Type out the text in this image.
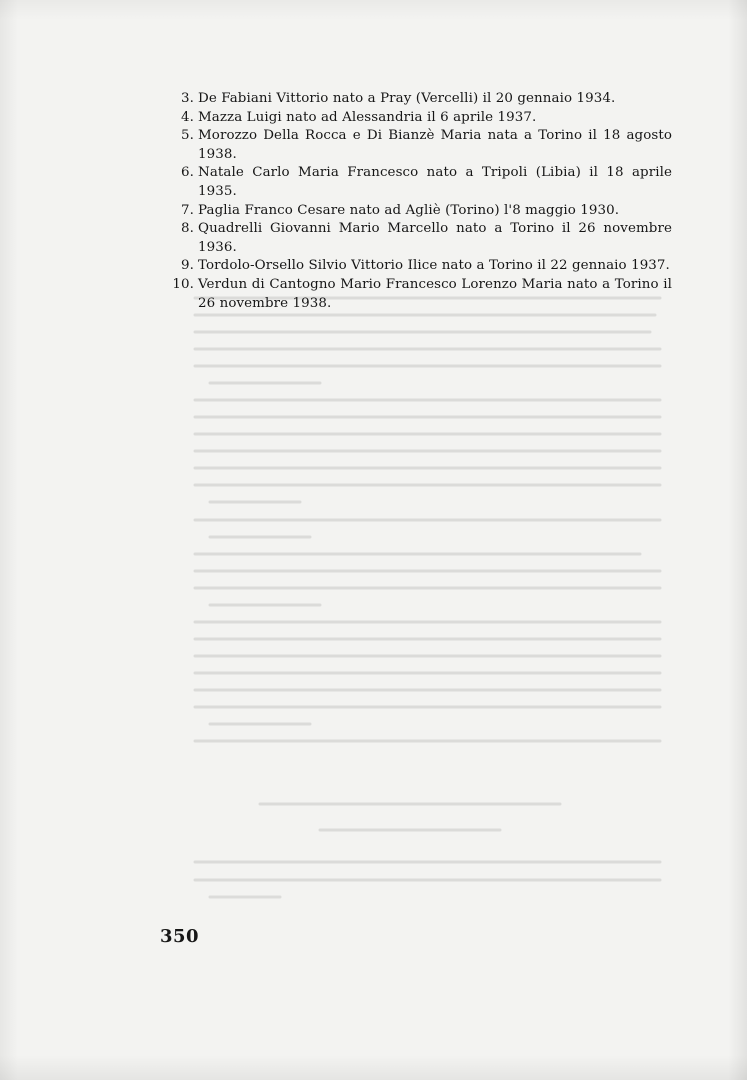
3. De Fabiani Vittorio nato a Pray (Vercelli) il 20 gennaio 1934.
4. Mazza Luigi nato ad Alessandria il 6 aprile 1937.
5. Morozzo Della Rocca e Di Bianzè Maria nata a Torino il 18 agosto 1938.
6. Natale Carlo Maria Francesco nato a Tripoli (Libia) il 18 aprile 1935.
7. Paglia Franco Cesare nato ad Agliè (Torino) l'8 maggio 1930.
8. Quadrelli Giovanni Mario Marcello nato a Torino il 26 novembre 1936.
9. Tordolo-Orsello Silvio Vittorio Ilice nato a Torino il 22 gennaio 1937.
10. Verdun di Cantogno Mario Francesco Lorenzo Maria nato a Torino il 26 novembre 1938.
350
